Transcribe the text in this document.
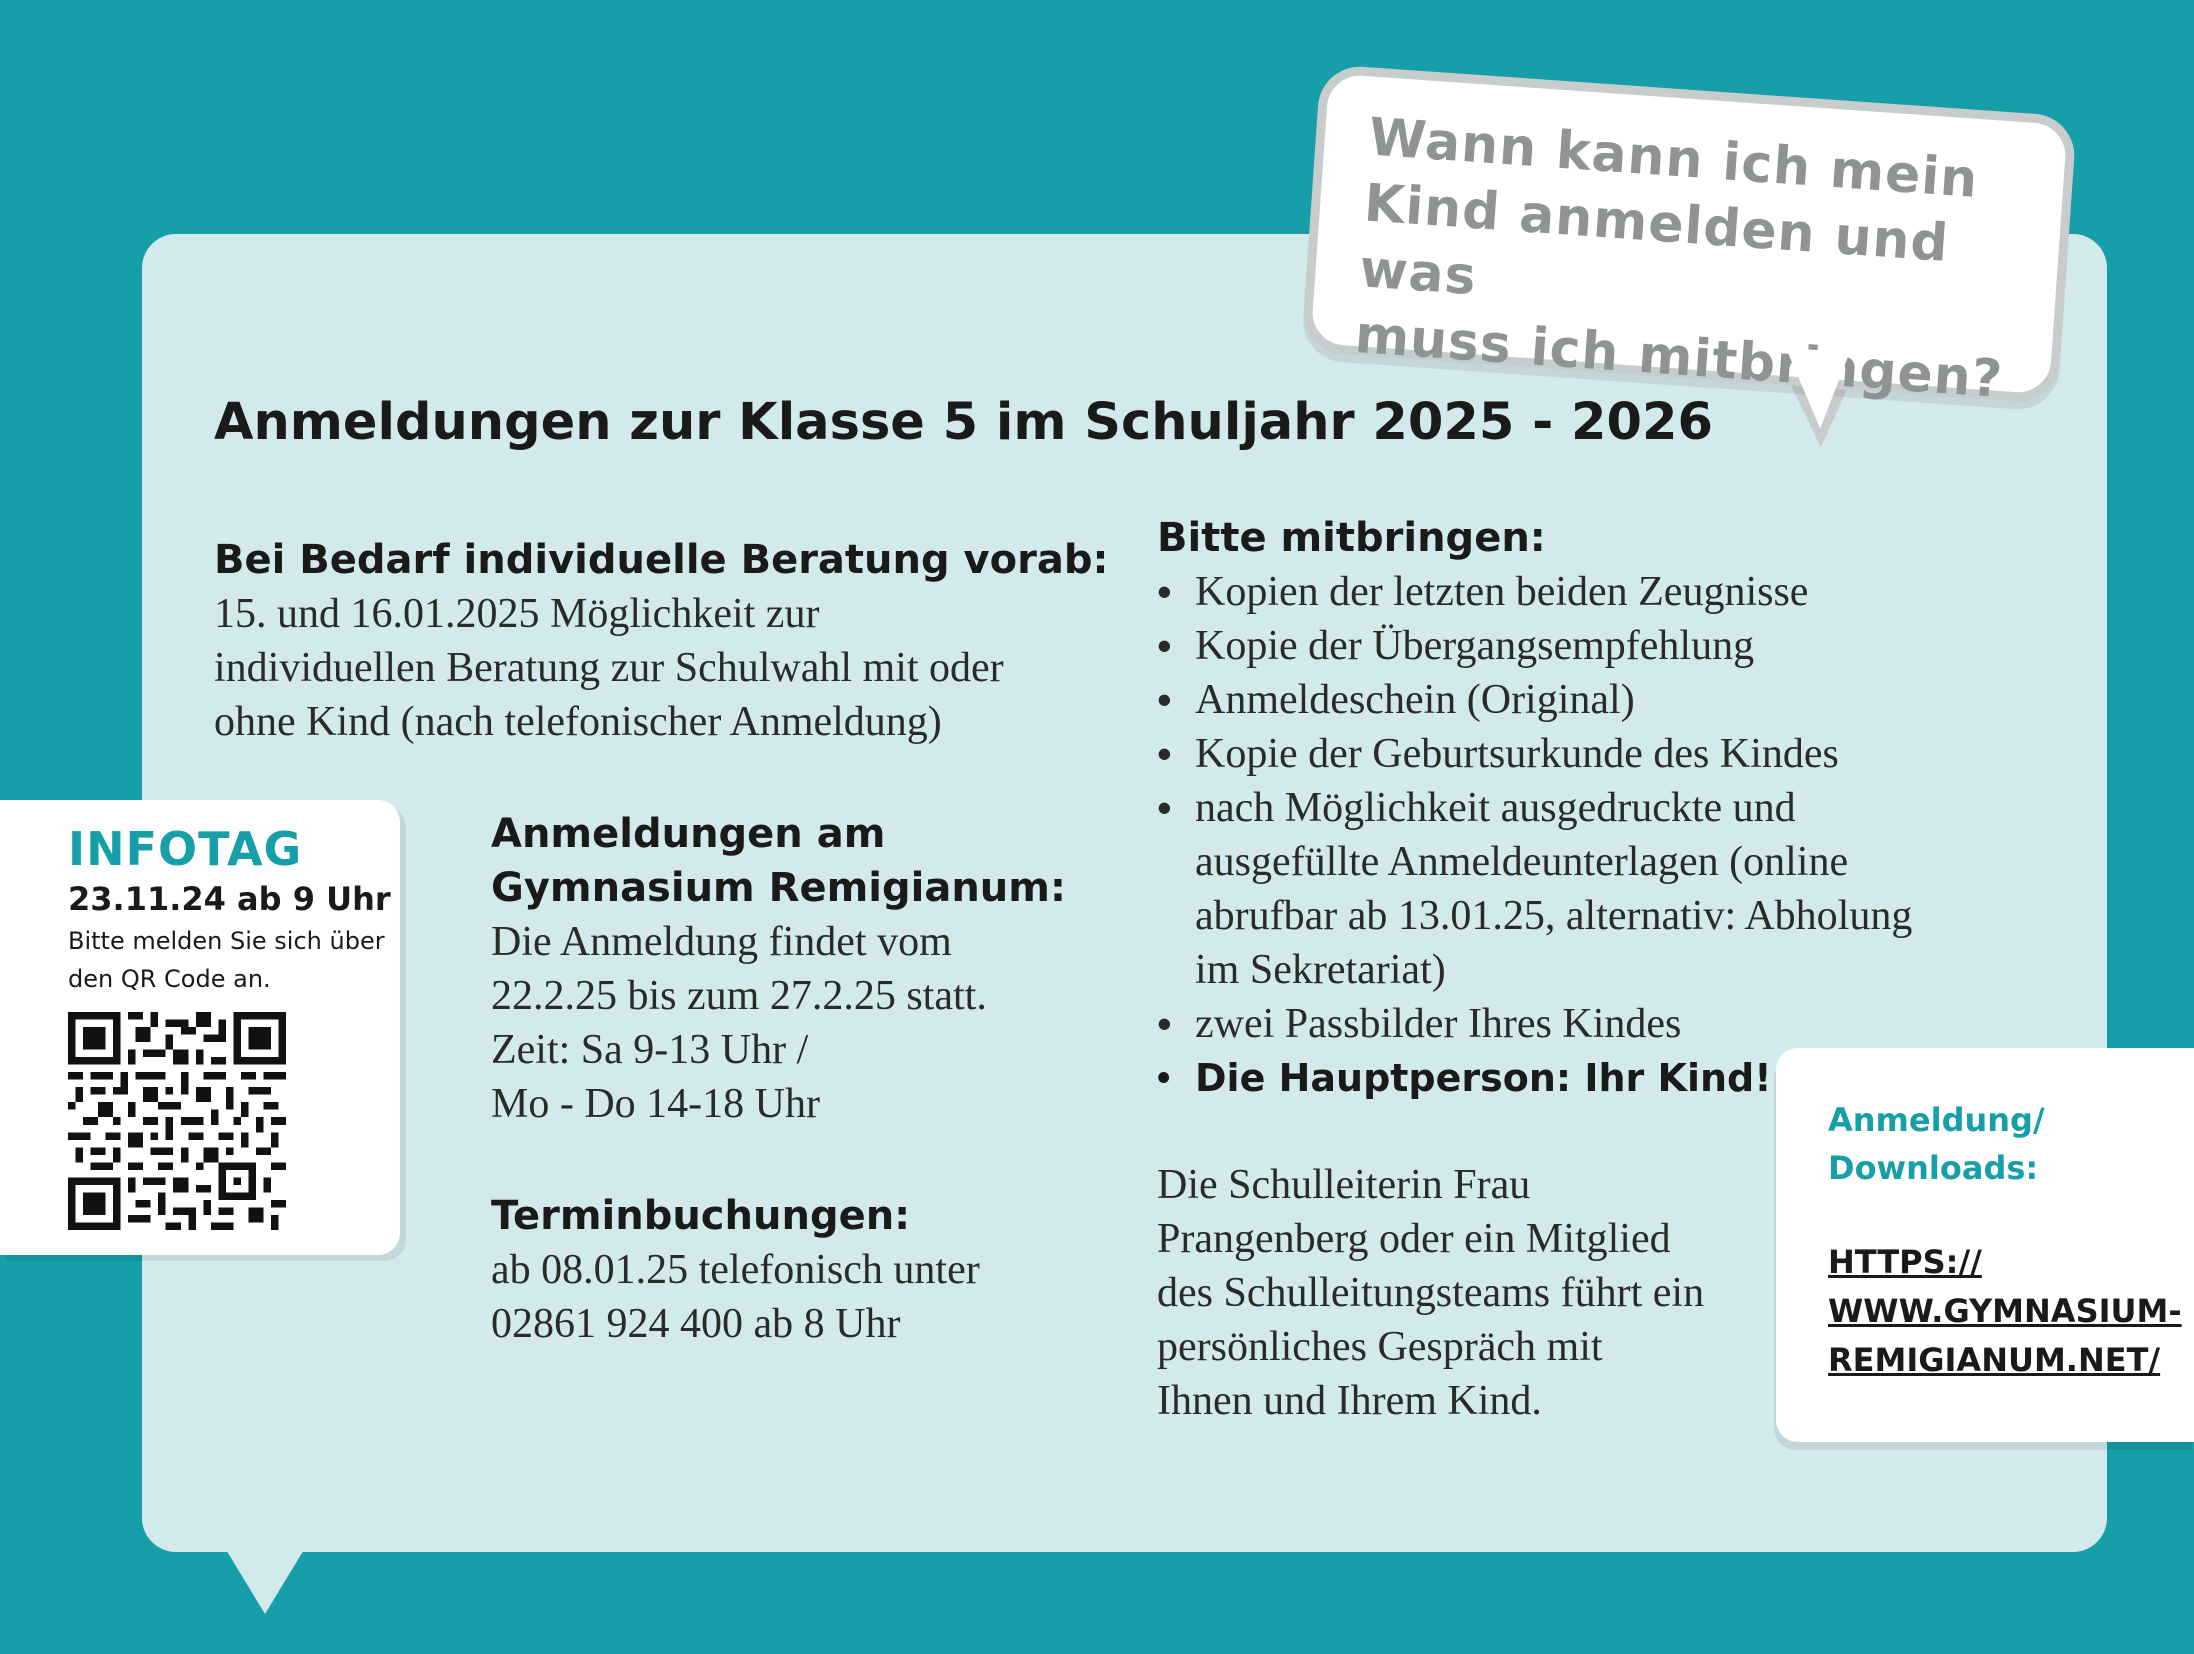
Wann kann ich mein
Kind anmelden und was
muss ich mitbringen?
Anmeldungen zur Klasse 5 im Schuljahr 2025 - 2026
Bei Bedarf individuelle Beratung vorab:
15. und 16.01.2025 Möglichkeit zur
individuellen Beratung zur Schulwahl mit oder
ohne Kind (nach telefonischer Anmeldung)
Anmeldungen am
Gymnasium Remigianum:
Die Anmeldung findet vom
22.2.25 bis zum 27.2.25 statt.
Zeit: Sa 9-13 Uhr /
Mo - Do 14-18 Uhr
Terminbuchungen:
ab 08.01.25 telefonisch unter
02861 924 400 ab 8 Uhr
Bitte mitbringen:
• Kopien der letzten beiden Zeugnisse
• Kopie der Übergangsempfehlung
• Anmeldeschein (Original)
• Kopie der Geburtsurkunde des Kindes
• nach Möglichkeit ausgedruckte und
ausgefüllte Anmeldeunterlagen (online
abrufbar ab 13.01.25, alternativ: Abholung
im Sekretariat)
• zwei Passbilder Ihres Kindes
• Die Hauptperson: Ihr Kind!
Die Schulleiterin Frau
Prangenberg oder ein Mitglied
des Schulleitungsteams führt ein
persönliches Gespräch mit
Ihnen und Ihrem Kind.
INFOTAG
23.11.24 ab 9 Uhr
Bitte melden Sie sich über den QR Code an.
Anmeldung/
Downloads:
HTTPS://
WWW.GYMNASIUM-
REMIGIANUM.NET/
